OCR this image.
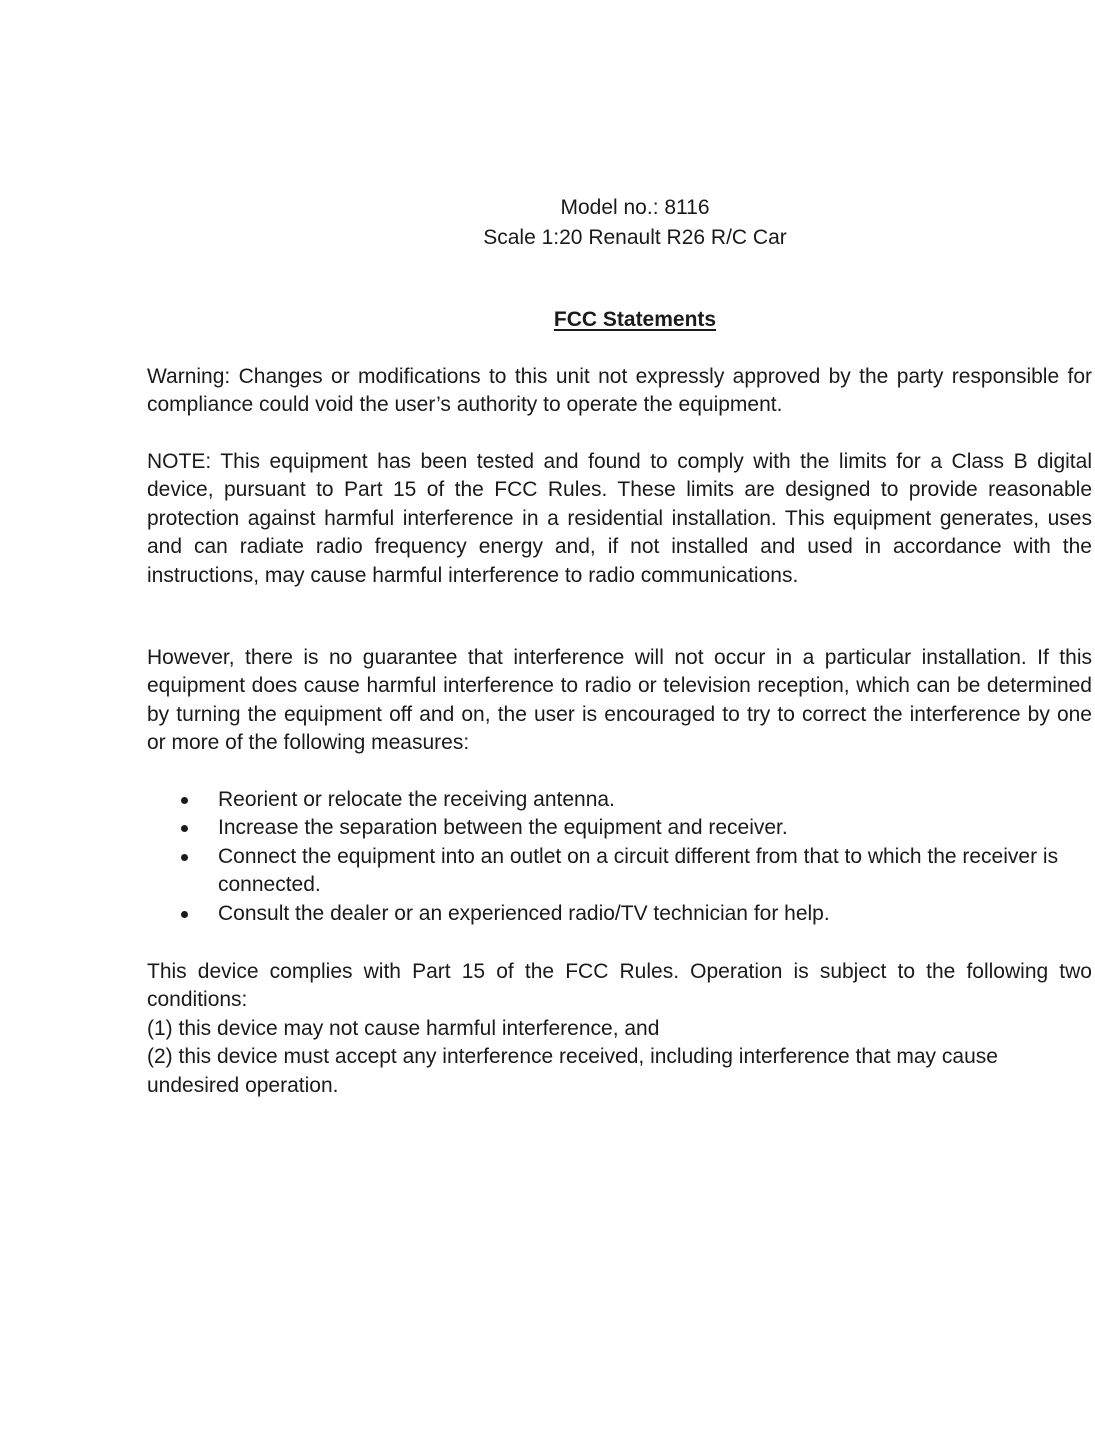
Model no.: 8116
Scale 1:20 Renault R26 R/C Car
FCC Statements

Warning: Changes or modifications to this unit not expressly approved by the party responsible for compliance could void the user’s authority to operate the equipment.

NOTE: This equipment has been tested and found to comply with the limits for a Class B digital device, pursuant to Part 15 of the FCC Rules. These limits are designed to provide reasonable protection against harmful interference in a residential installation. This equipment generates, uses and can radiate radio frequency energy and, if not installed and used in accordance with the instructions, may cause harmful interference to radio communications.

However, there is no guarantee that interference will not occur in a particular installation. If this equipment does cause harmful interference to radio or television reception, which can be determined by turning the equipment off and on, the user is encouraged to try to correct the interference by one or more of the following measures:

Reorient or relocate the receiving antenna.
Increase the separation between the equipment and receiver.
Connect the equipment into an outlet on a circuit different from that to which the receiver is connected.
Consult the dealer or an experienced radio/TV technician for help.
This device complies with Part 15 of the FCC Rules. Operation is subject to the following two conditions:
(1) this device may not cause harmful interference, and
(2) this device must accept any interference received, including interference that may cause undesired operation.
